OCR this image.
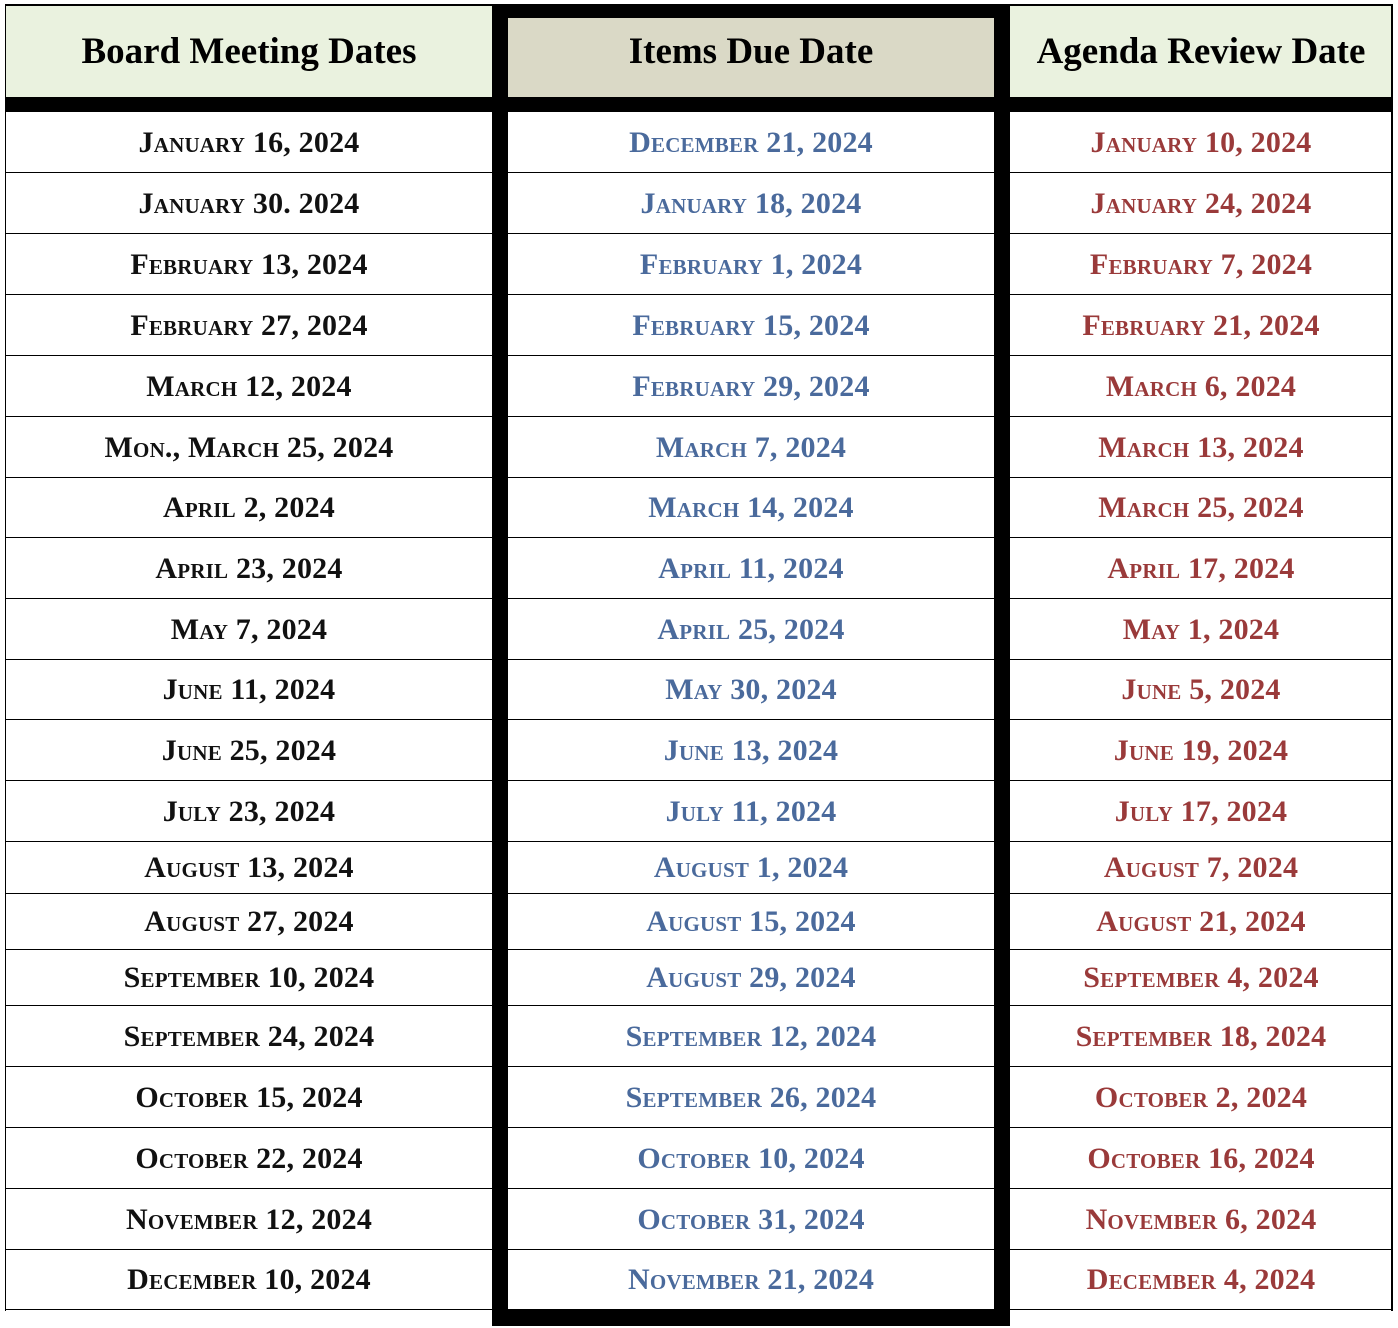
Board Meeting Dates	Items Due Date	Agenda Review Date
January 16, 2024	December 21, 2024	January 10, 2024
January 30. 2024	January 18, 2024	January 24, 2024
February 13, 2024	February 1, 2024	February 7, 2024
February 27, 2024	February 15, 2024	February 21, 2024
March 12, 2024	February 29, 2024	March 6, 2024
Mon., March 25, 2024	March 7, 2024	March 13, 2024
April 2, 2024	March 14, 2024	March 25, 2024
April 23, 2024	April 11, 2024	April 17, 2024
May 7, 2024	April 25, 2024	May 1, 2024
June 11, 2024	May 30, 2024	June 5, 2024
June 25, 2024	June 13, 2024	June 19, 2024
July 23, 2024	July 11, 2024	July 17, 2024
August 13, 2024	August 1, 2024	August 7, 2024
August 27, 2024	August 15, 2024	August 21, 2024
September 10, 2024	August 29, 2024	September 4, 2024
September 24, 2024	September 12, 2024	September 18, 2024
October 15, 2024	September 26, 2024	October 2, 2024
October 22, 2024	October 10, 2024	October 16, 2024
November 12, 2024	October 31, 2024	November 6, 2024
December 10, 2024	November 21, 2024	December 4, 2024
